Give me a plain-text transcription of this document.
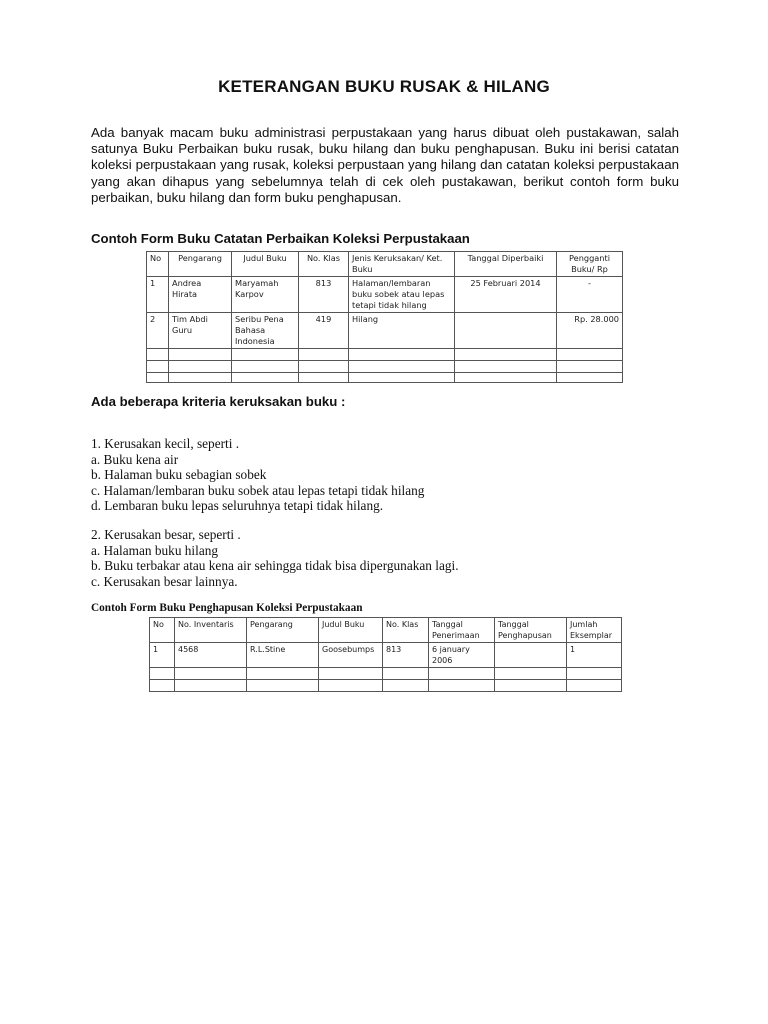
KETERANGAN BUKU RUSAK & HILANG
Ada banyak macam buku administrasi perpustakaan yang harus dibuat oleh pustakawan, salah satunya Buku Perbaikan buku rusak, buku hilang dan buku penghapusan. Buku ini berisi catatan koleksi perpustakaan yang rusak, koleksi perpustaan yang hilang dan catatan koleksi perpustakaan yang akan dihapus yang sebelumnya telah di cek oleh pustakawan, berikut contoh form buku perbaikan, buku hilang dan form buku penghapusan.
Contoh Form Buku Catatan Perbaikan Koleksi Perpustakaan
No	Pengarang	Judul Buku	No. Klas	Jenis Keruksakan/ Ket. Buku	Tanggal Diperbaiki	Pengganti Buku/ Rp
1	Andrea Hirata	Maryamah Karpov	813	Halaman/lembaran buku sobek atau lepas tetapi tidak hilang	25 Februari 2014	-
2	Tim Abdi Guru	Seribu Pena Bahasa Indonesia	419	Hilang		Rp. 28.000

Ada beberapa kriteria keruksakan buku :
1. Kerusakan kecil, seperti .
a. Buku kena air
b. Halaman buku sebagian sobek
c. Halaman/lembaran buku sobek atau lepas tetapi tidak hilang
d. Lembaran buku lepas seluruhnya tetapi tidak hilang.
2. Kerusakan besar, seperti .
a. Halaman buku hilang
b. Buku terbakar atau kena air sehingga tidak bisa dipergunakan lagi.
c. Kerusakan besar lainnya.
Contoh Form Buku Penghapusan Koleksi Perpustakaan
No	No. Inventaris	Pengarang	Judul Buku	No. Klas	Tanggal Penerimaan	Tanggal Penghapusan	Jumlah Eksemplar
1	4568	R.L.Stine	Goosebumps	813	6 january 2006		1
